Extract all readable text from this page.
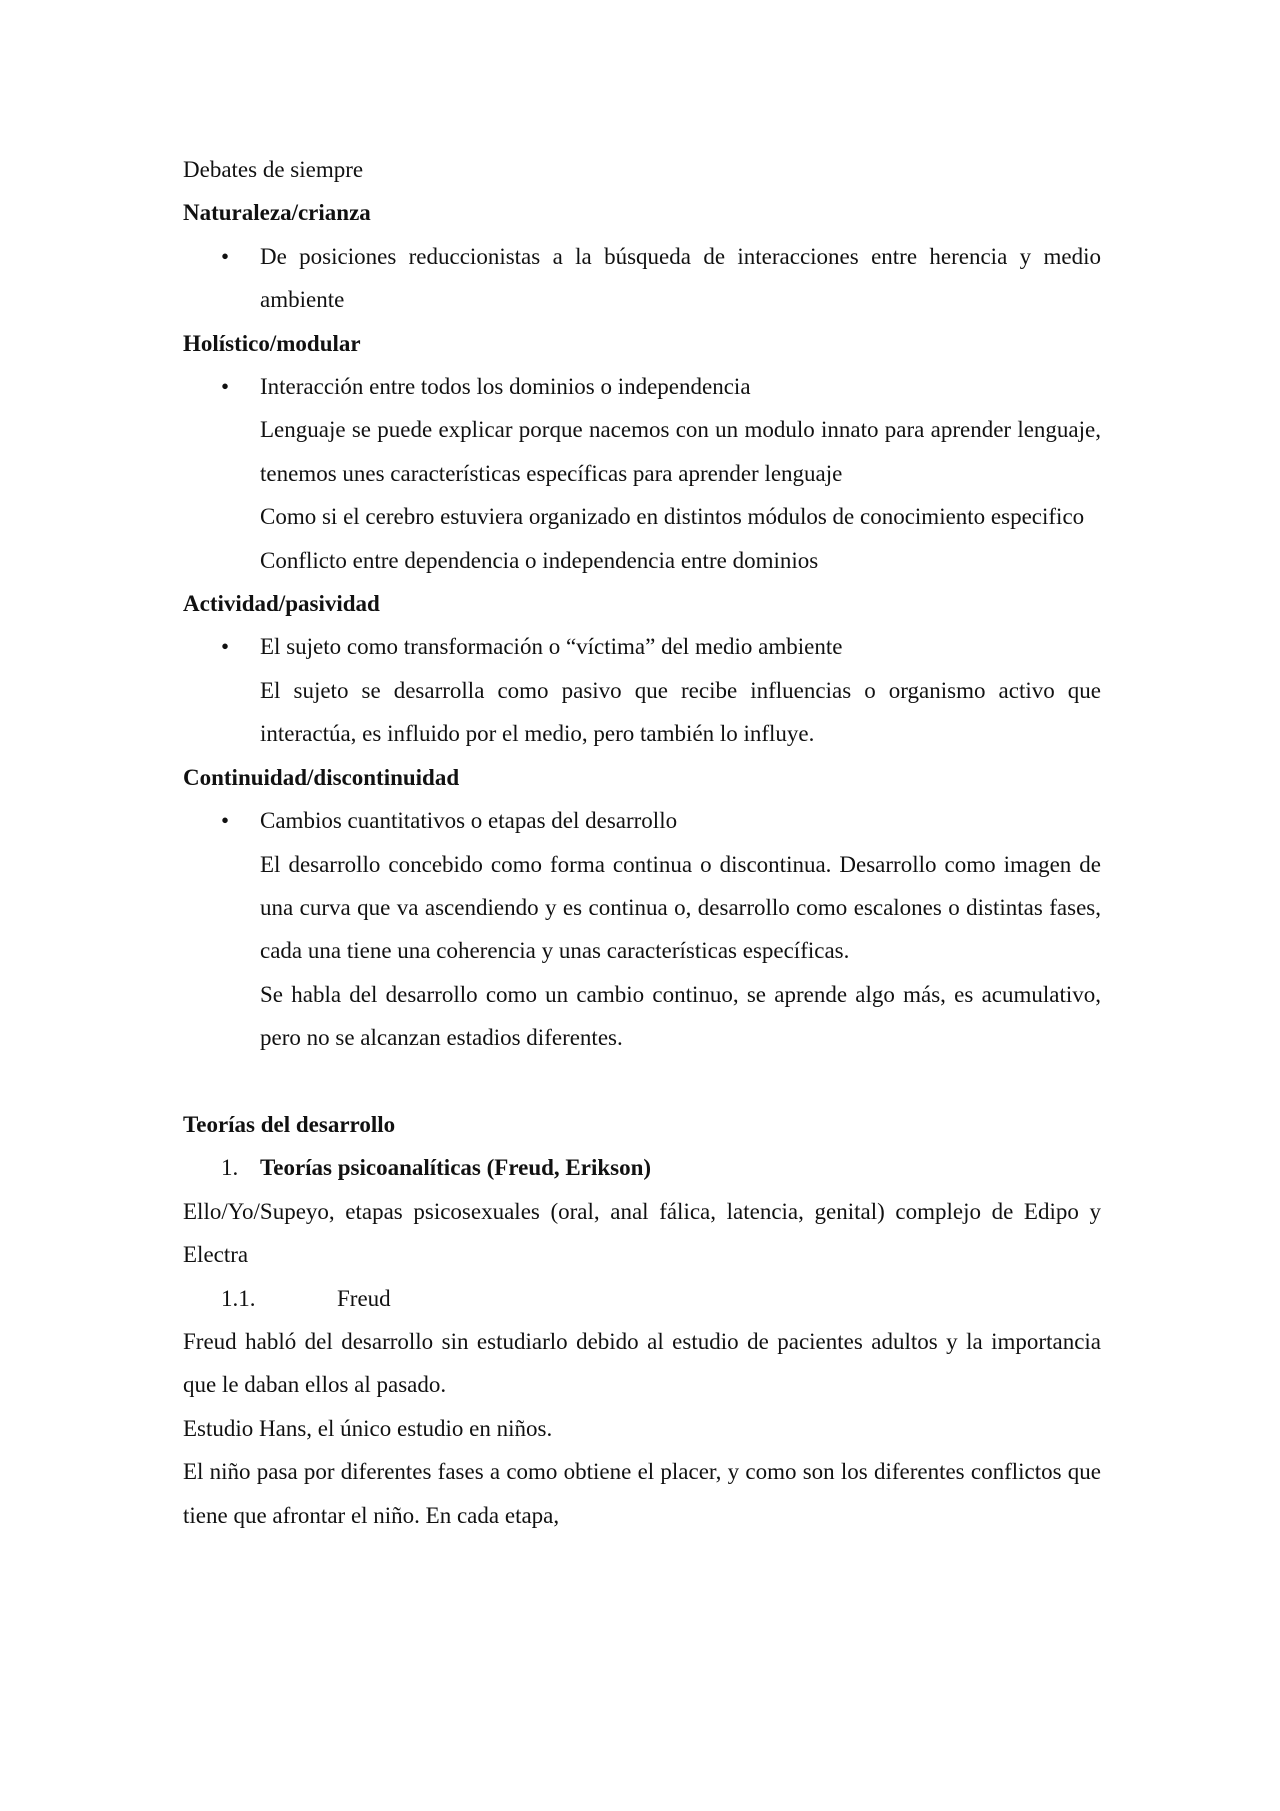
Debates de siempre

Naturaleza/crianza

• De posiciones reduccionistas a la búsqueda de interacciones entre herencia y medio ambiente

Holístico/modular

• Interacción entre todos los dominios o independencia

Lenguaje se puede explicar porque nacemos con un modulo innato para aprender lenguaje, tenemos unes características específicas para aprender lenguaje

Como si el cerebro estuviera organizado en distintos módulos de conocimiento especifico

Conflicto entre dependencia o independencia entre dominios

Actividad/pasividad

• El sujeto como transformación o “víctima” del medio ambiente

El sujeto se desarrolla como pasivo que recibe influencias o organismo activo que interactúa, es influido por el medio, pero también lo influye.

Continuidad/discontinuidad

• Cambios cuantitativos o etapas del desarrollo

El desarrollo concebido como forma continua o discontinua. Desarrollo como imagen de una curva que va ascendiendo y es continua o, desarrollo como escalones o distintas fases, cada una tiene una coherencia y unas características específicas.

Se habla del desarrollo como un cambio continuo, se aprende algo más, es acumulativo, pero no se alcanzan estadios diferentes.

Teorías del desarrollo

1. Teorías psicoanalíticas (Freud, Erikson)

Ello/Yo/Supeyo, etapas psicosexuales (oral, anal fálica, latencia, genital) complejo de Edipo y Electra

1.1.	Freud

Freud habló del desarrollo sin estudiarlo debido al estudio de pacientes adultos y la importancia que le daban ellos al pasado.

Estudio Hans, el único estudio en niños.

El niño pasa por diferentes fases a como obtiene el placer, y como son los diferentes conflictos que tiene que afrontar el niño. En cada etapa,
